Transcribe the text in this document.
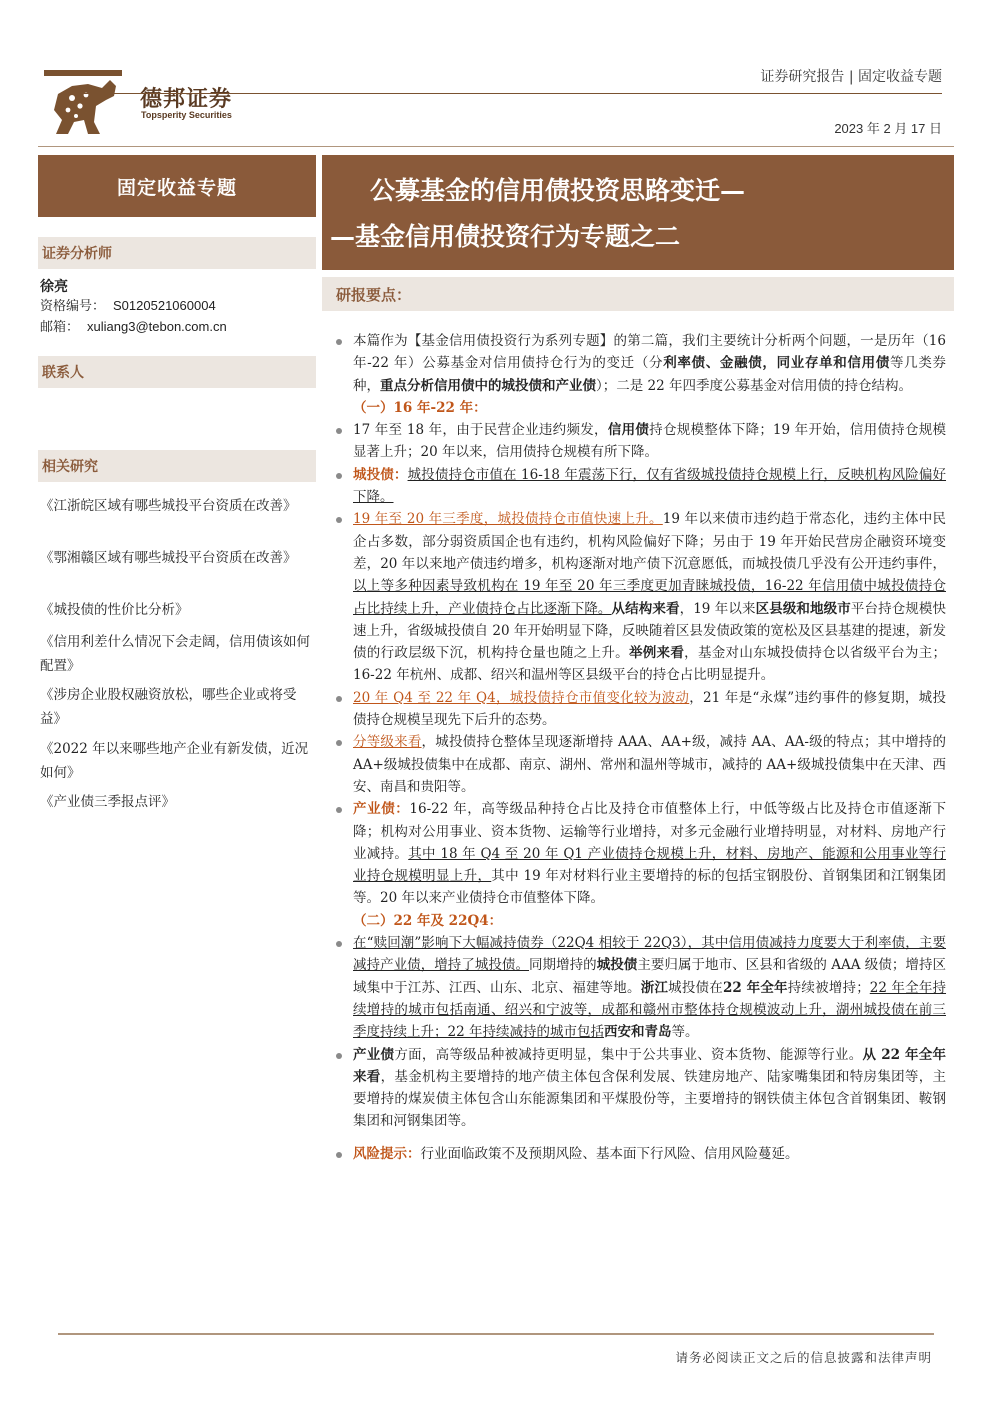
德邦证券
Topsperity Securities
证券研究报告 | 固定收益专题
2023 年 2 月 17 日
固定收益专题
证券分析师
徐亮
资格编号： S0120521060004
邮箱： xuliang3@tebon.com.cn
联系人
相关研究
《江浙皖区域有哪些城投平台资质在改善》
《鄂湘赣区域有哪些城投平台资质在改善》
《城投债的性价比分析》
《信用利差什么情况下会走阔，信用债该如何配置》
《涉房企业股权融资放松，哪些企业或将受益》
《2022 年以来哪些地产企业有新发债，近况如何》
《产业债三季报点评》
公募基金的信用债投资思路变迁—
—基金信用债投资行为专题之二
研报要点：
本篇作为【基金信用债投资行为系列专题】的第二篇，我们主要统计分析两个问题，一是历年（16 年-22 年）公募基金对信用债持仓行为的变迁（分利率债、金融债，同业存单和信用债等几类券种，重点分析信用债中的城投债和产业债）；二是 22 年四季度公募基金对信用债的持仓结构。
（一）16 年-22 年：
17 年至 18 年，由于民营企业违约频发，信用债持仓规模整体下降；19 年开始，信用债持仓规模显著上升；20 年以来，信用债持仓规模有所下降。
城投债：城投债持仓市值在 16-18 年震荡下行，仅有省级城投债持仓规模上行，反映机构风险偏好下降。
19 年至 20 年三季度，城投债持仓市值快速上升。19 年以来债市违约趋于常态化，违约主体中民企占多数，部分弱资质国企也有违约，机构风险偏好下降；另由于 19 年开始民营房企融资环境变差，20 年以来地产债违约增多，机构逐渐对地产债下沉意愿低，而城投债几乎没有公开违约事件，以上等多种因素导致机构在 19 年至 20 年三季度更加青睐城投债，16-22 年信用债中城投债持仓占比持续上升，产业债持仓占比逐渐下降。从结构来看，19 年以来区县级和地级市平台持仓规模快速上升，省级城投债自 20 年开始明显下降，反映随着区县发债政策的宽松及区县基建的提速，新发债的行政层级下沉，机构持仓量也随之上升。举例来看，基金对山东城投债持仓以省级平台为主；16-22 年杭州、成都、绍兴和温州等区县级平台的持仓占比明显提升。
20 年 Q4 至 22 年 Q4，城投债持仓市值变化较为波动，21 年是“永煤”违约事件的修复期，城投债持仓规模呈现先下后升的态势。
分等级来看，城投债持仓整体呈现逐渐增持 AAA、AA+级，减持 AA、AA-级的特点；其中增持的 AA+级城投债集中在成都、南京、湖州、常州和温州等城市，减持的 AA+级城投债集中在天津、西安、南昌和贵阳等。
产业债：16-22 年，高等级品种持仓占比及持仓市值整体上行，中低等级占比及持仓市值逐渐下降；机构对公用事业、资本货物、运输等行业增持，对多元金融行业增持明显，对材料、房地产行业减持。其中 18 年 Q4 至 20 年 Q1 产业债持仓规模上升，材料、房地产、能源和公用事业等行业持仓规模明显上升，其中 19 年对材料行业主要增持的标的包括宝钢股份、首钢集团和江钢集团等。20 年以来产业债持仓市值整体下降。
（二）22 年及 22Q4：
在“赎回潮”影响下大幅减持债券（22Q4 相较于 22Q3），其中信用债减持力度要大于利率债，主要减持产业债，增持了城投债。同期增持的城投债主要归属于地市、区县和省级的 AAA 级债；增持区域集中于江苏、江西、山东、北京、福建等地。浙江城投债在22 年全年持续被增持；22 年全年持续增持的城市包括南通、绍兴和宁波等，成都和赣州市整体持仓规模波动上升，湖州城投债在前三季度持续上升；22 年持续减持的城市包括西安和青岛等。
产业债方面，高等级品种被减持更明显，集中于公共事业、资本货物、能源等行业。从 22 年全年来看，基金机构主要增持的地产债主体包含保利发展、铁建房地产、陆家嘴集团和特房集团等，主要增持的煤炭债主体包含山东能源集团和平煤股份等，主要增持的钢铁债主体包含首钢集团、鞍钢集团和河钢集团等。
风险提示：行业面临政策不及预期风险、基本面下行风险、信用风险蔓延。
请务必阅读正文之后的信息披露和法律声明
